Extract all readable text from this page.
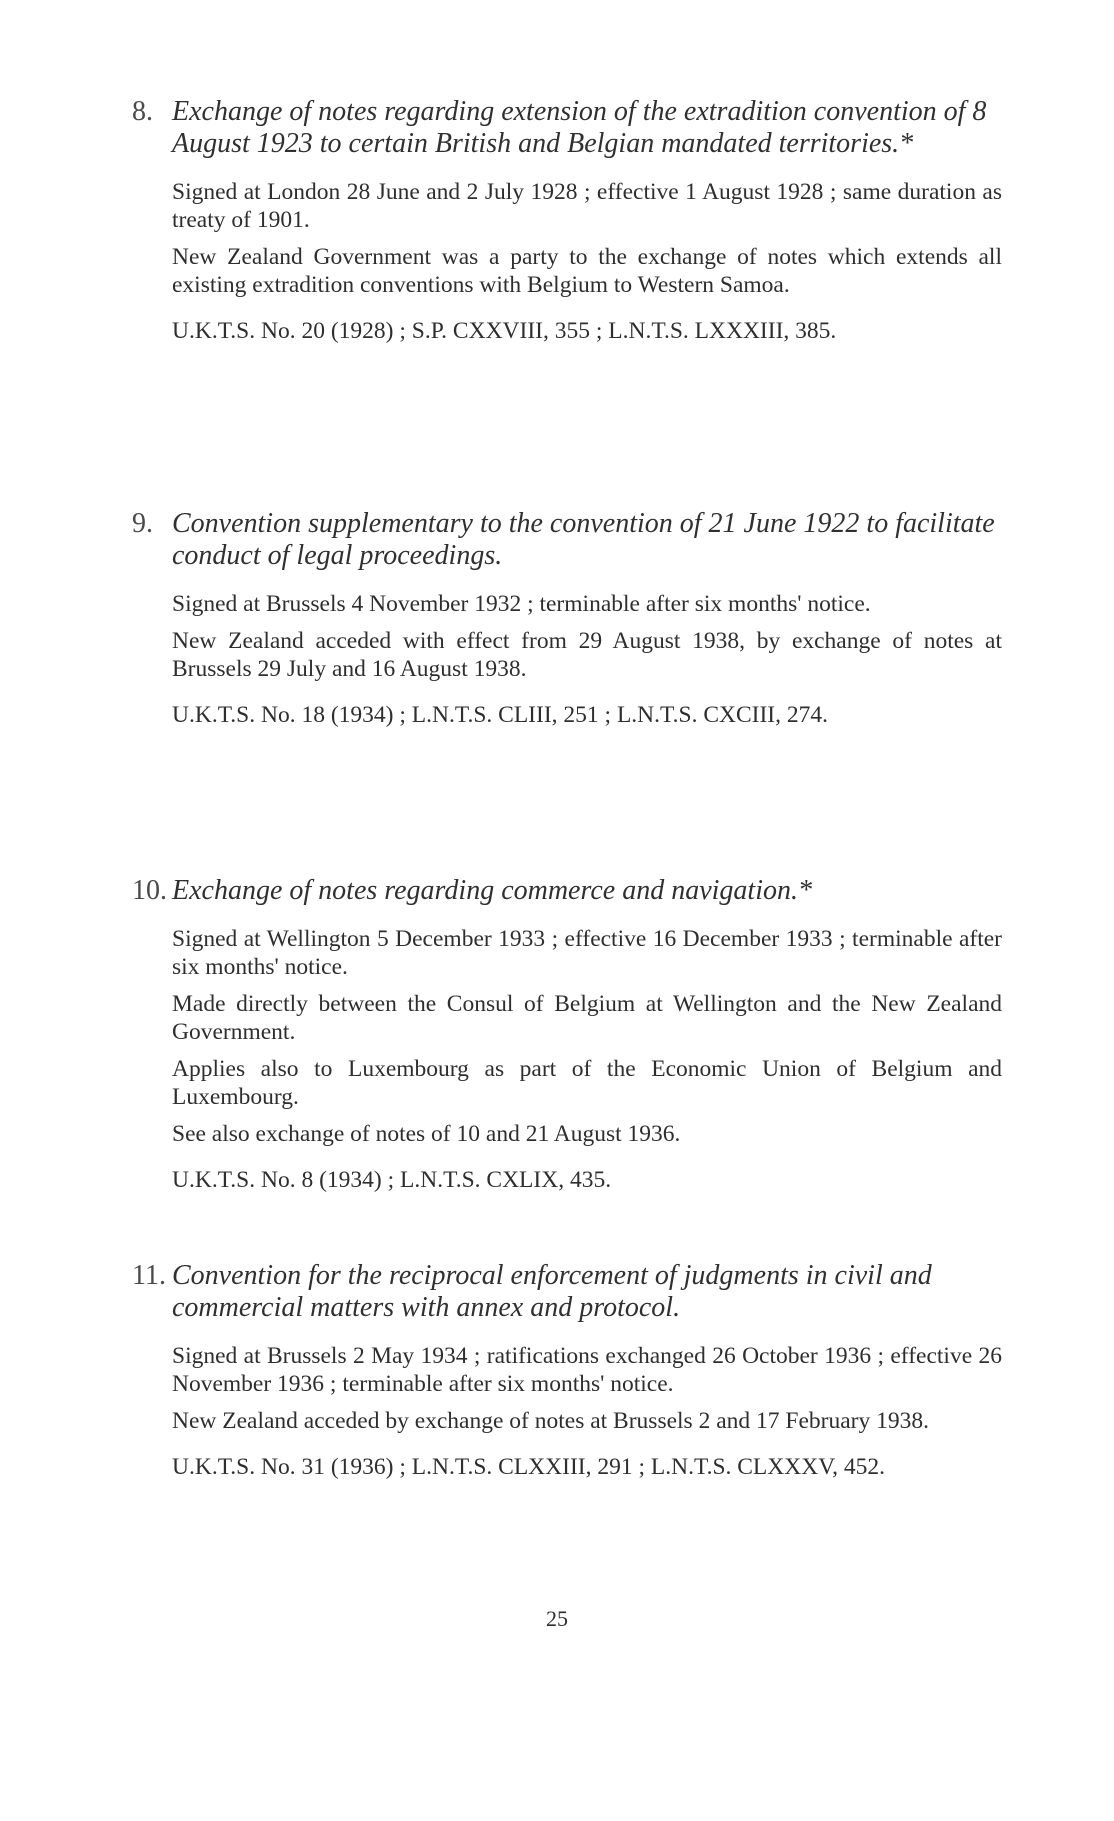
8. Exchange of notes regarding extension of the extradition convention of 8 August 1923 to certain British and Belgian mandated territories.*

Signed at London 28 June and 2 July 1928 ; effective 1 August 1928 ; same duration as treaty of 1901.

New Zealand Government was a party to the exchange of notes which extends all existing extradition conventions with Belgium to Western Samoa.

U.K.T.S. No. 20 (1928) ; S.P. CXXVIII, 355 ; L.N.T.S. LXXXIII, 385.

9. Convention supplementary to the convention of 21 June 1922 to facilitate conduct of legal proceedings.

Signed at Brussels 4 November 1932 ; terminable after six months' notice.

New Zealand acceded with effect from 29 August 1938, by exchange of notes at Brussels 29 July and 16 August 1938.

U.K.T.S. No. 18 (1934) ; L.N.T.S. CLIII, 251 ; L.N.T.S. CXCIII, 274.

10. Exchange of notes regarding commerce and navigation.*

Signed at Wellington 5 December 1933 ; effective 16 December 1933 ; terminable after six months' notice.

Made directly between the Consul of Belgium at Wellington and the New Zealand Government.

Applies also to Luxembourg as part of the Economic Union of Belgium and Luxembourg.

See also exchange of notes of 10 and 21 August 1936.

U.K.T.S. No. 8 (1934) ; L.N.T.S. CXLIX, 435.

11. Convention for the reciprocal enforcement of judgments in civil and commercial matters with annex and protocol.

Signed at Brussels 2 May 1934 ; ratifications exchanged 26 October 1936 ; effective 26 November 1936 ; terminable after six months' notice.

New Zealand acceded by exchange of notes at Brussels 2 and 17 February 1938.

U.K.T.S. No. 31 (1936) ; L.N.T.S. CLXXIII, 291 ; L.N.T.S. CLXXXV, 452.

25
